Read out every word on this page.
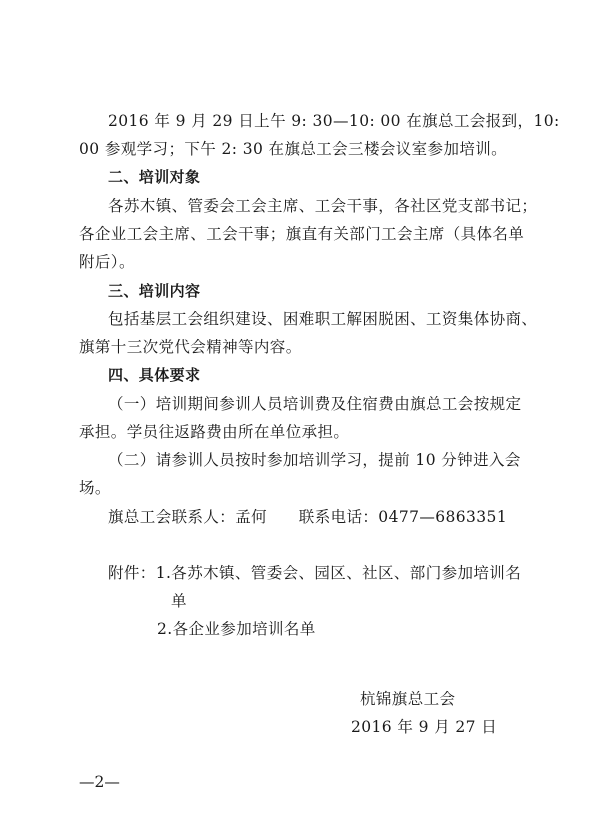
2016 年 9 月 29 日上午 9: 30—10: 00 在旗总工会报到，10:
00 参观学习；下午 2: 30 在旗总工会三楼会议室参加培训。
二、培训对象
各苏木镇、管委会工会主席、工会干事，各社区党支部书记；
各企业工会主席、工会干事；旗直有关部门工会主席（具体名单
附后）。
三、培训内容
包括基层工会组织建设、困难职工解困脱困、工资集体协商、
旗第十三次党代会精神等内容。
四、具体要求
（一）培训期间参训人员培训费及住宿费由旗总工会按规定
承担。学员往返路费由所在单位承担。
（二）请参训人员按时参加培训学习，提前 10 分钟进入会
场。
旗总工会联系人：孟何　　联系电话：0477—6863351
附件：1.各苏木镇、管委会、园区、社区、部门参加培训名
单
2.各企业参加培训名单
杭锦旗总工会
2016 年 9 月 27 日
—2—
